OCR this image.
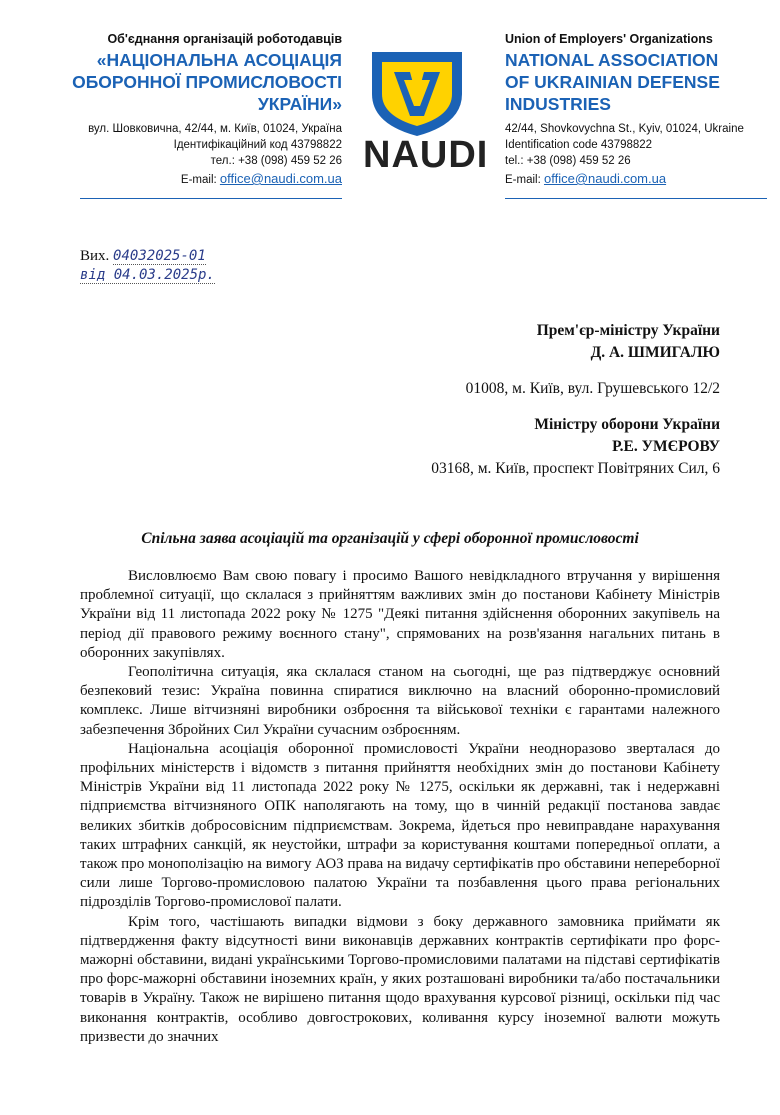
Об'єднання організацій роботодавців
«НАЦІОНАЛЬНА АСОЦІАЦІЯ
ОБОРОННОЇ ПРОМИСЛОВОСТІ
УКРАЇНИ»
вул. Шовковична, 42/44, м. Київ, 01024, Україна
Ідентифікаційний код 43798822
тел.: +38 (098) 459 52 26
E-mail: office@naudi.com.ua
NAUDI
Union of Employers' Organizations
NATIONAL ASSOCIATION
OF UKRAINIAN DEFENSE
INDUSTRIES
42/44, Shovkovychna St., Kyiv, 01024, Ukraine
Identification code 43798822
tel.: +38 (098) 459 52 26
E-mail: office@naudi.com.ua
Вих. 04032025-01
від 04.03.2025р.
Прем'єр-міністру України
Д. А. ШМИГАЛЮ
01008, м. Київ, вул. Грушевського 12/2
Міністру оборони України
Р.Е. УМЄРОВУ
03168, м. Київ, проспект Повітряних Сил, 6
Спільна заява асоціацій та організацій у сфері оборонної промисловості

Висловлюємо Вам свою повагу і просимо Вашого невідкладного втручання у вирішення проблемної ситуації, що склалася з прийняттям важливих змін до постанови Кабінету Міністрів України від 11 листопада 2022 року № 1275 "Деякі питання здійснення оборонних закупівель на період дії правового режиму воєнного стану", спрямованих на розв'язання нагальних питань в оборонних закупівлях.

Геополітична ситуація, яка склалася станом на сьогодні, ще раз підтверджує основний безпековий тезис: Україна повинна спиратися виключно на власний оборонно-промисловий комплекс. Лише вітчизняні виробники озброєння та військової техніки є гарантами належного забезпечення Збройних Сил України сучасним озброєнням.

Національна асоціація оборонної промисловості України неодноразово зверталася до профільних міністерств і відомств з питання прийняття необхідних змін до постанови Кабінету Міністрів України від 11 листопада 2022 року № 1275, оскільки як державні, так і недержавні підприємства вітчизняного ОПК наполягають на тому, що в чинній редакції постанова завдає великих збитків добросовісним підприємствам. Зокрема, йдеться про невиправдане нарахування таких штрафних санкцій, як неустойки, штрафи за користування коштами попередньої оплати, а також про монополізацію на вимогу АОЗ права на видачу сертифікатів про обставини непереборної сили лише Торгово-промисловою палатою України та позбавлення цього права регіональних підрозділів Торгово-промислової палати.

Крім того, частішають випадки відмови з боку державного замовника приймати як підтвердження факту відсутності вини виконавців державних контрактів сертифікати про форс-мажорні обставини, видані українськими Торгово-промисловими палатами на підставі сертифікатів про форс-мажорні обставини іноземних країн, у яких розташовані виробники та/або постачальники товарів в Україну. Також не вирішено питання щодо врахування курсової різниці, оскільки під час виконання контрактів, особливо довгострокових, коливання курсу іноземної валюти можуть призвести до значних
